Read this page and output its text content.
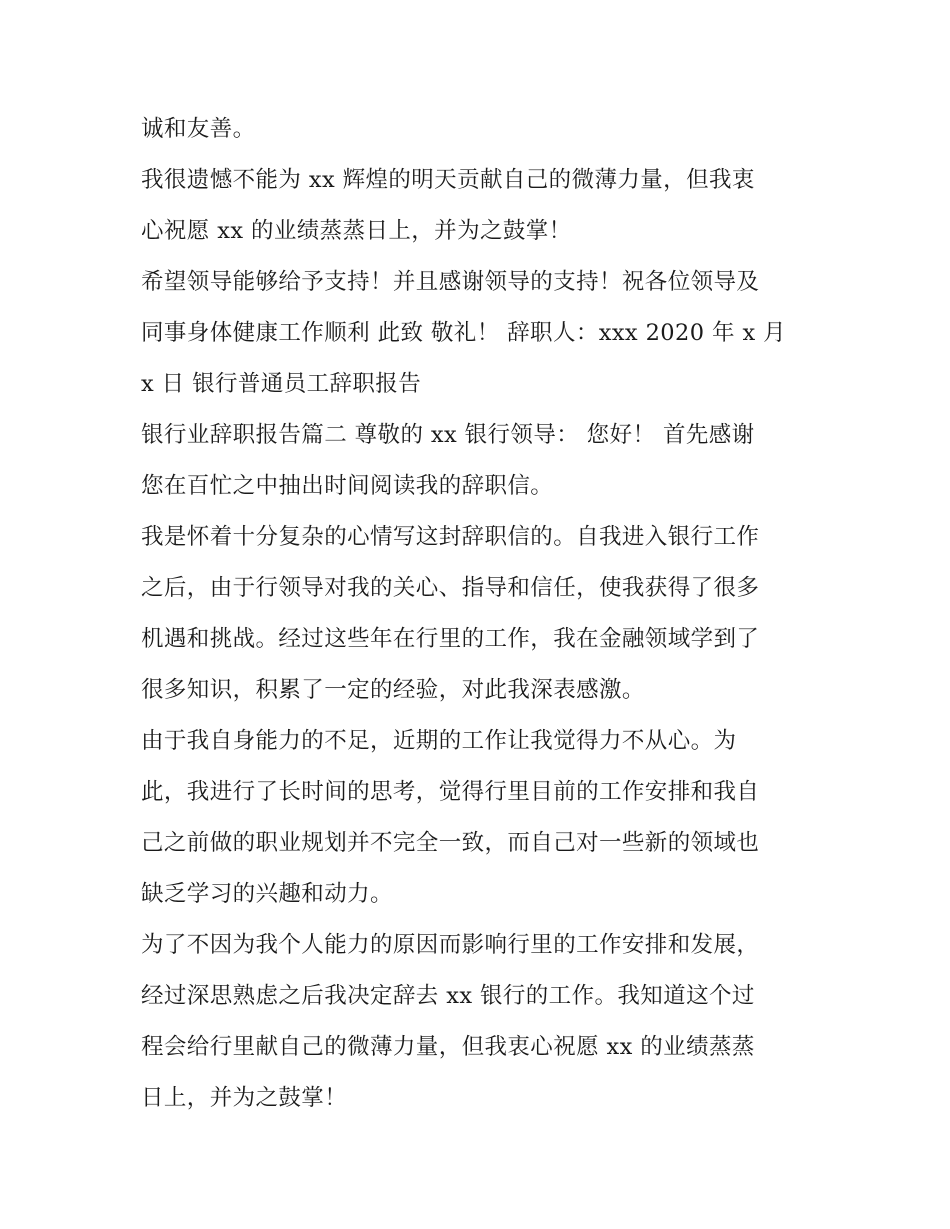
诚和友善。
我很遗憾不能为 xx 辉煌的明天贡献自己的微薄力量，但我衷
心祝愿 xx 的业绩蒸蒸日上，并为之鼓掌！
希望领导能够给予支持！并且感谢领导的支持！祝各位领导及
同事身体健康工作顺利 此致 敬礼！ 辞职人：xxx 2020 年 x 月
x 日 银行普通员工辞职报告
银行业辞职报告篇二 尊敬的 xx 银行领导： 您好！ 首先感谢
您在百忙之中抽出时间阅读我的辞职信。
我是怀着十分复杂的心情写这封辞职信的。自我进入银行工作
之后，由于行领导对我的关心、指导和信任，使我获得了很多
机遇和挑战。经过这些年在行里的工作，我在金融领域学到了
很多知识，积累了一定的经验，对此我深表感激。
由于我自身能力的不足，近期的工作让我觉得力不从心。为
此，我进行了长时间的思考，觉得行里目前的工作安排和我自
己之前做的职业规划并不完全一致，而自己对一些新的领域也
缺乏学习的兴趣和动力。
为了不因为我个人能力的原因而影响行里的工作安排和发展，
经过深思熟虑之后我决定辞去 xx 银行的工作。我知道这个过
程会给行里献自己的微薄力量，但我衷心祝愿 xx 的业绩蒸蒸
日上，并为之鼓掌！
